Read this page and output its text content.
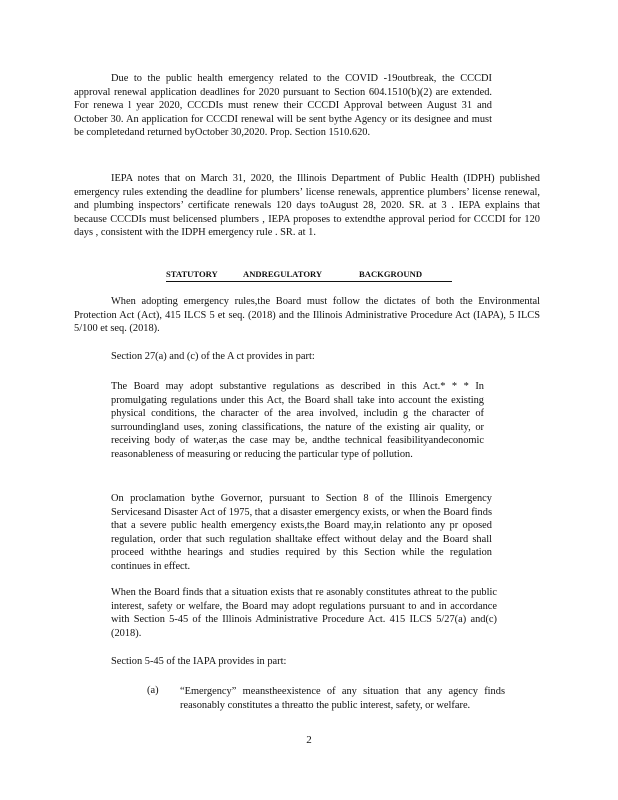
Due to the public health emergency related to the COVID -19outbreak, the CCCDI approval renewal application deadlines for 2020 pursuant to Section 604.1510(b)(2) are extended. For renewa l year 2020, CCCDIs must renew their CCCDI Approval between August 31 and October 30. An application for CCCDI renewal will be sent bythe Agency or its designee and must be completedand returned byOctober 30,2020. Prop. Section 1510.620.

IEPA notes that on March 31, 2020, the Illinois Department of Public Health (IDPH) published emergency rules extending the deadline for plumbers’ license renewals, apprentice plumbers’ license renewal, and plumbing inspectors’ certificate renewals 120 days toAugust 28, 2020. SR. at 3 . IEPA explains that because CCCDIs must belicensed plumbers , IEPA proposes to extendthe approval period for CCCDI for 120 days , consistent with the IDPH emergency rule . SR. at 1.

STATUTORY	ANDREGULATORY	BACKGROUND

When adopting emergency rules,the Board must follow the dictates of both the Environmental Protection Act (Act), 415 ILCS 5 et seq. (2018) and the Illinois Administrative Procedure Act (IAPA), 5 ILCS 5/100 et seq. (2018).

Section 27(a) and (c) of the A ct provides in part:

The Board may adopt substantive regulations as described in this Act.* * * In promulgating regulations under this Act, the Board shall take into account the existing physical conditions, the character of the area involved, includin g the character of surroundingland uses, zoning classifications, the nature of the existing air quality, or receiving body of water,as the case may be, andthe technical feasibilityandeconomic reasonableness of measuring or reducing the particular type of pollution.

On proclamation bythe Governor, pursuant to Section 8 of the Illinois Emergency Servicesand Disaster Act of 1975, that a disaster emergency exists, or when the Board finds that a severe public health emergency exists,the Board may,in relationto any pr oposed regulation, order that such regulation shalltake effect without delay and the Board shall proceed withthe hearings and studies required by this Section while the regulation continues in effect.

When the Board finds that a situation exists that re asonably constitutes athreat to the public interest, safety or welfare, the Board may adopt regulations pursuant to and in accordance with Section 5-45 of the Illinois Administrative Procedure Act. 415 ILCS 5/27(a) and(c) (2018).

Section 5-45 of the IAPA provides in part:

(a) “Emergency” meanstheexistence of any situation that any agency finds reasonably constitutes a threatto the public interest, safety, or welfare.

2
